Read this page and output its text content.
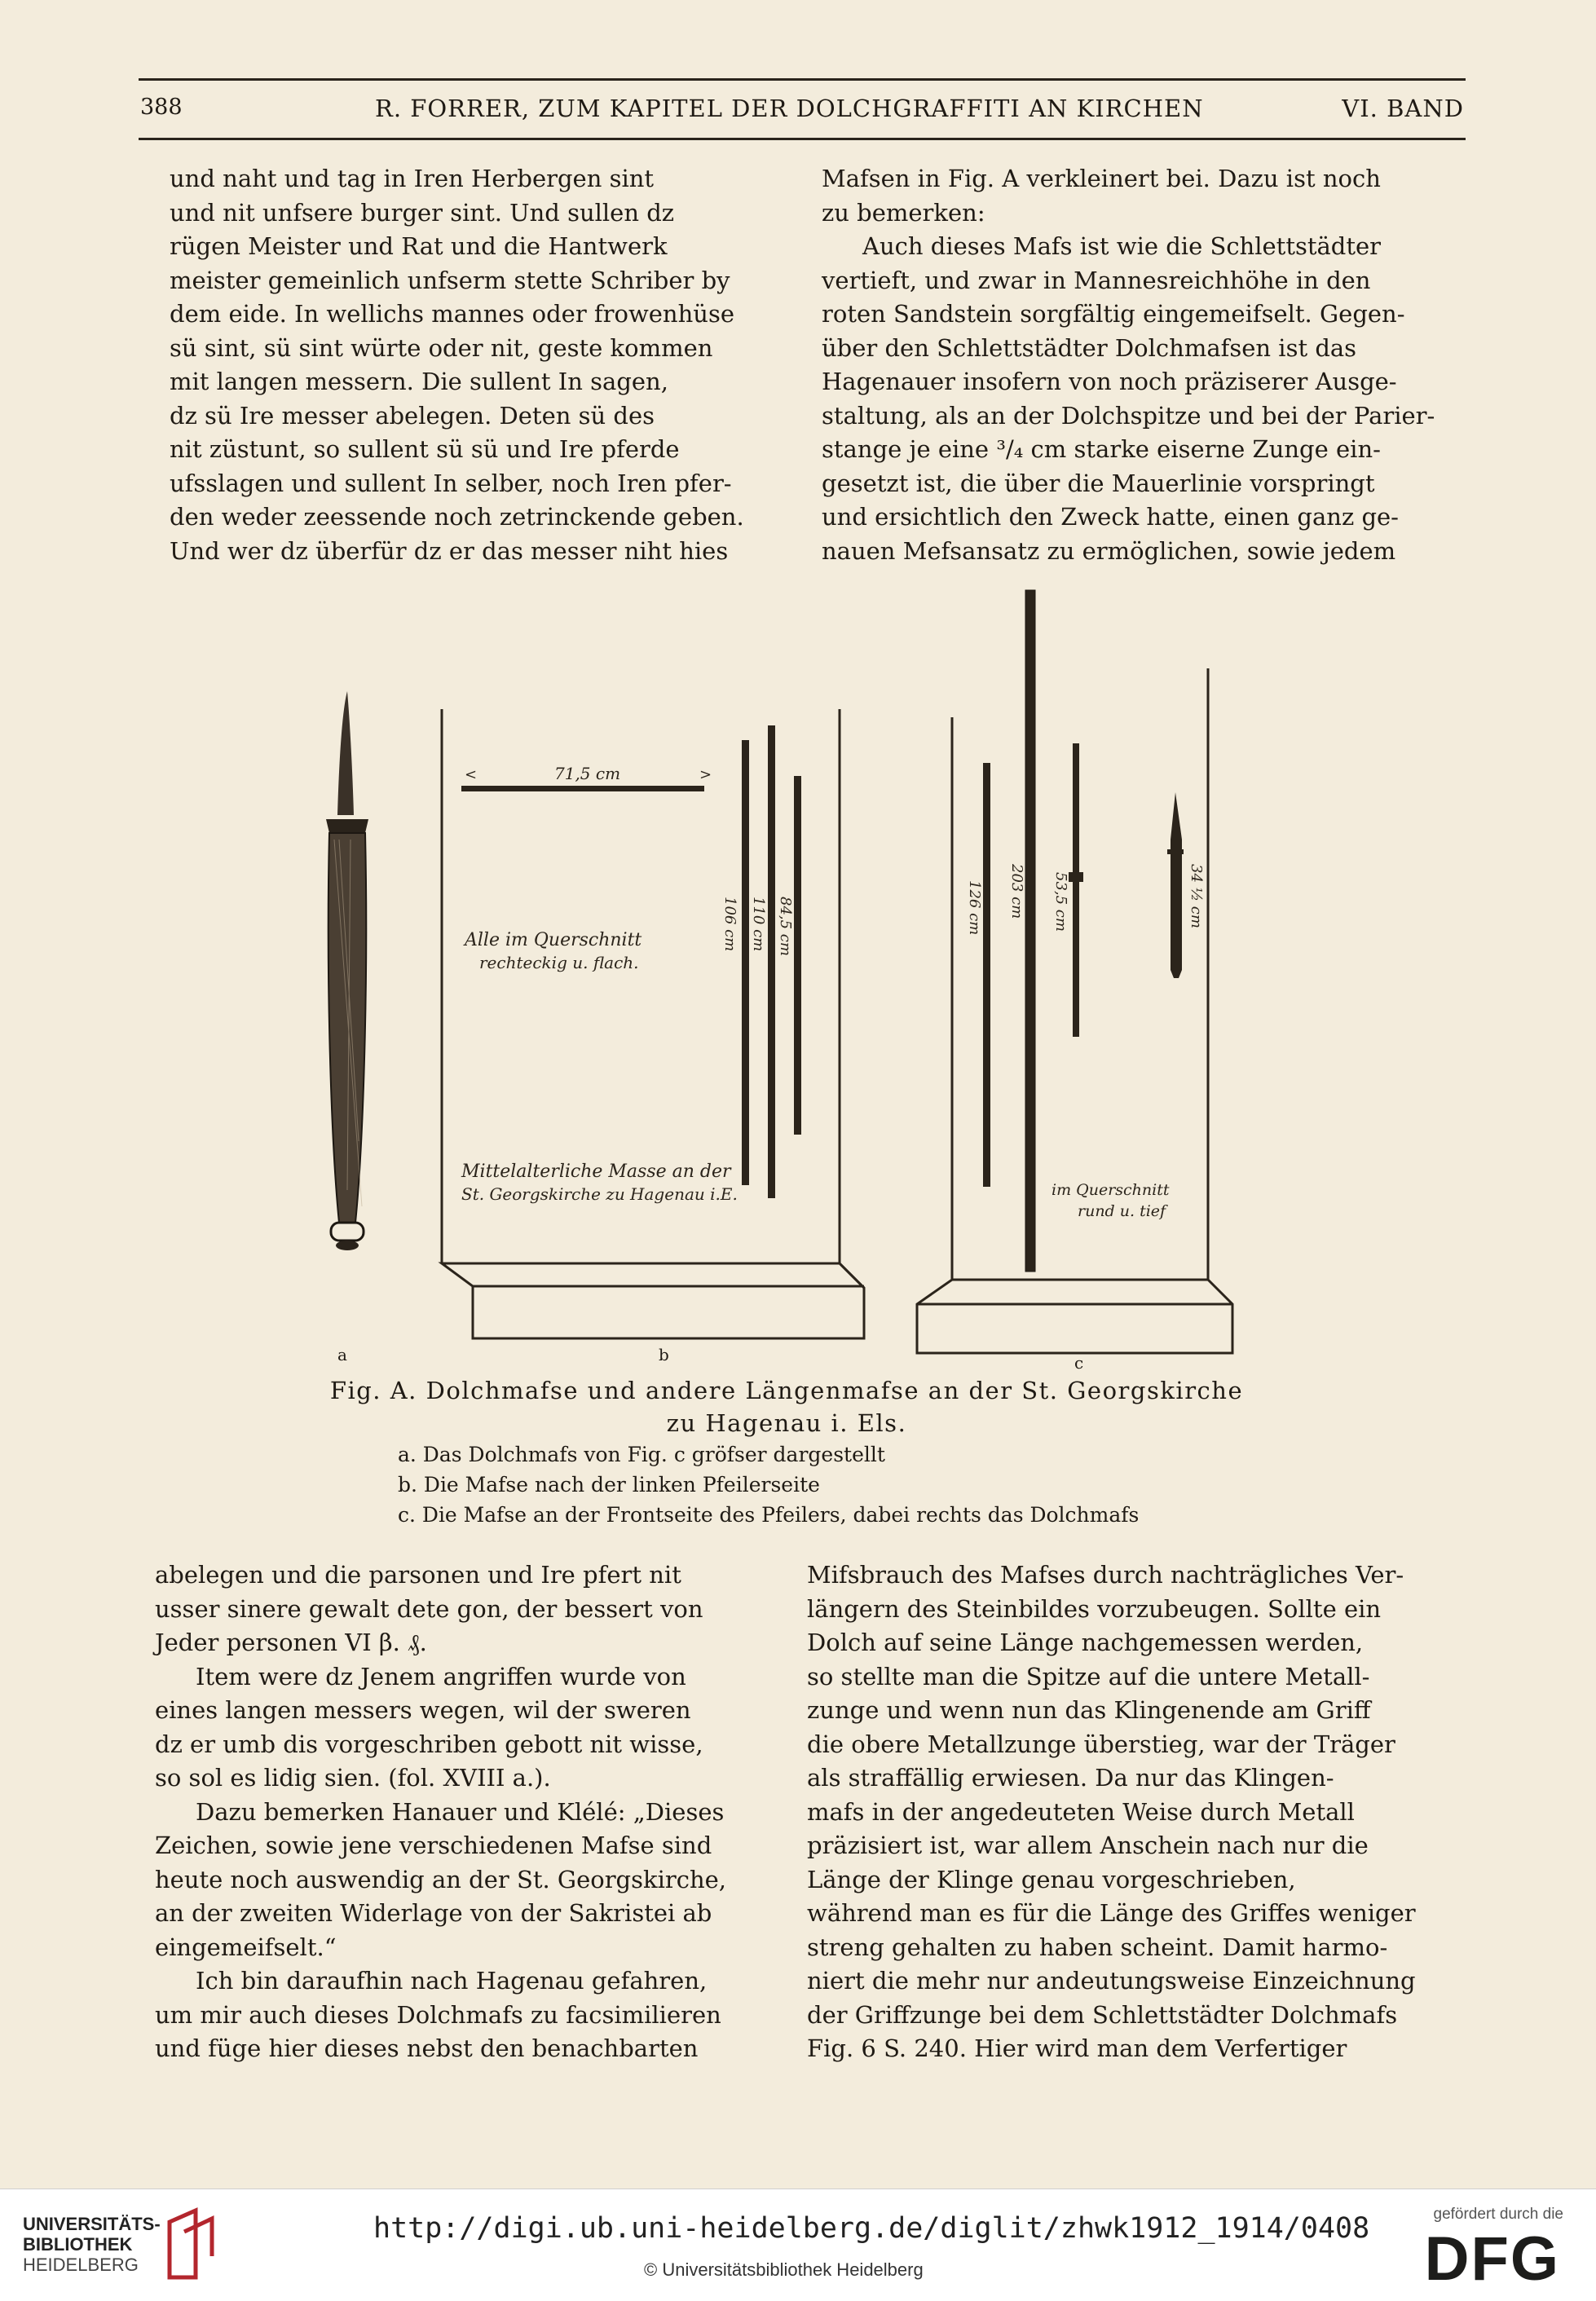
388	R. FORRER, ZUM KAPITEL DER DOLCHGRAFFITI AN KIRCHEN	VI. BAND
und naht und tag in Iren Herbergen sint
und nit unfsere burger sint. Und sullen dz
rügen Meister und Rat und die Hantwerk
meister gemeinlich unfserm stette Schriber by
dem eide. In wellichs mannes oder frowenhüse
sü sint, sü sint würte oder nit, geste kommen
mit langen messern. Die sullent In sagen,
dz sü Ire messer abelegen. Deten sü des
nit züstunt, so sullent sü sü und Ire pferde
ufsslagen und sullent In selber, noch Iren pfer-
den weder zeessende noch zetrinckende geben.
Und wer dz überfür dz er das messer niht hies
Mafsen in Fig. A verkleinert bei. Dazu ist noch
zu bemerken:
Auch dieses Mafs ist wie die Schlettstädter
vertieft, und zwar in Mannesreichhöhe in den
roten Sandstein sorgfältig eingemeifselt. Gegen-
über den Schlettstädter Dolchmafsen ist das
Hagenauer insofern von noch präziserer Ausge-
staltung, als an der Dolchspitze und bei der Parier-
stange je eine ³/₄ cm starke eiserne Zunge ein-
gesetzt ist, die über die Mauerlinie vorspringt
und ersichtlich den Zweck hatte, einen ganz ge-
nauen Mefsansatz zu ermöglichen, sowie jedem
<	>
71,5 cm
106 cm 110 cm 84,5 cm
Alle im Querschnitt
rechteckig u. flach.
Mittelalterliche Masse an der
St. Georgskirche zu Hagenau i.E.
126 cm 203 cm 53,5 cm	34 ½ cm
im Querschnitt
rund u. tief
a	b	c
Fig. A. Dolchmafse und andere Längenmafse an der St. Georgskirche
zu Hagenau i. Els.
a. Das Dolchmafs von Fig. c gröfser dargestellt
b. Die Mafse nach der linken Pfeilerseite
c. Die Mafse an der Frontseite des Pfeilers, dabei rechts das Dolchmafs
abelegen und die parsonen und Ire pfert nit
usser sinere gewalt dete gon, der bessert von
Jeder personen VI β. ₰.
Item were dz Jenem angriffen wurde von
eines langen messers wegen, wil der sweren
dz er umb dis vorgeschriben gebott nit wisse,
so sol es lidig sien. (fol. XVIII a.).
Dazu bemerken Hanauer und Klélé: „Dieses
Zeichen, sowie jene verschiedenen Mafse sind
heute noch auswendig an der St. Georgskirche,
an der zweiten Widerlage von der Sakristei ab
eingemeifselt.“
Ich bin daraufhin nach Hagenau gefahren,
um mir auch dieses Dolchmafs zu facsimilieren
und füge hier dieses nebst den benachbarten
Mifsbrauch des Mafses durch nachträgliches Ver-
längern des Steinbildes vorzubeugen. Sollte ein
Dolch auf seine Länge nachgemessen werden,
so stellte man die Spitze auf die untere Metall-
zunge und wenn nun das Klingenende am Griff
die obere Metallzunge überstieg, war der Träger
als straffällig erwiesen. Da nur das Klingen-
mafs in der angedeuteten Weise durch Metall
präzisiert ist, war allem Anschein nach nur die
Länge der Klinge genau vorgeschrieben,
während man es für die Länge des Griffes weniger
streng gehalten zu haben scheint. Damit harmo-
niert die mehr nur andeutungsweise Einzeichnung
der Griffzunge bei dem Schlettstädter Dolchmafs
Fig. 6 S. 240. Hier wird man dem Verfertiger
UNIVERSITÄTS-
BIBLIOTHEK
HEIDELBERG
http://digi.ub.uni-heidelberg.de/diglit/zhwk1912_1914/0408
© Universitätsbibliothek Heidelberg
gefördert durch die
DFG
